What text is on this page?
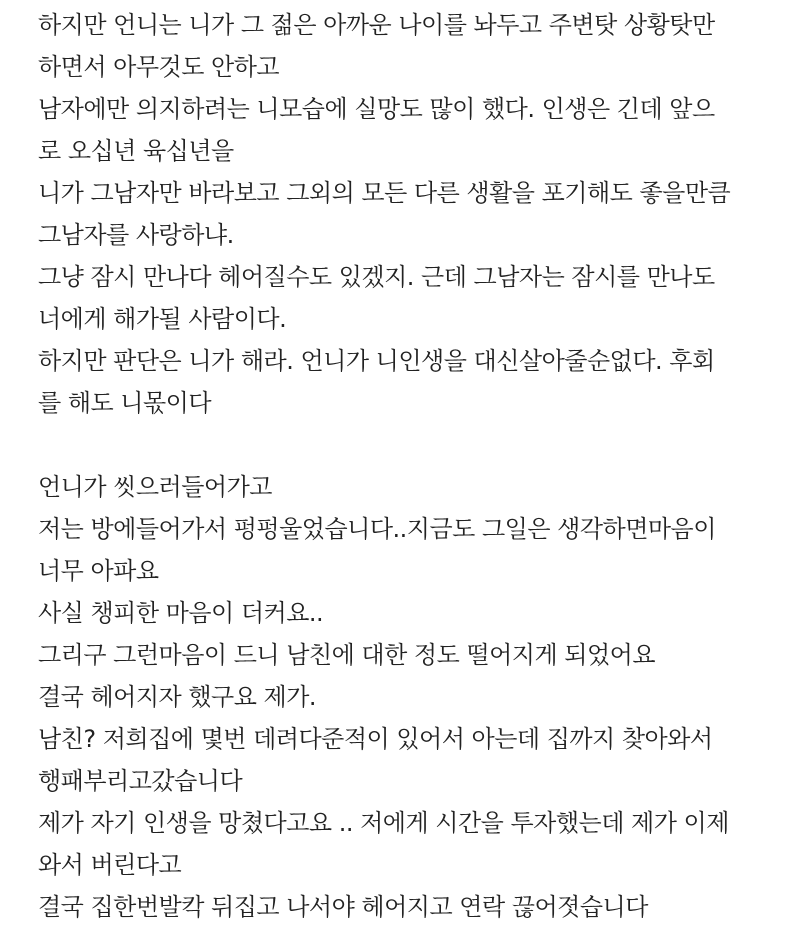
하지만 언니는 니가 그 젊은 아까운 나이를 놔두고 주변탓 상황탓만
하면서 아무것도 안하고
남자에만 의지하려는 니모습에 실망도 많이 했다. 인생은 긴데 앞으
로 오십년 육십년을
니가 그남자만 바라보고 그외의 모든 다른 생활을 포기해도 좋을만큼
그남자를 사랑하냐.
그냥 잠시 만나다 헤어질수도 있겠지. 근데 그남자는 잠시를 만나도
너에게 해가될 사람이다.
하지만 판단은 니가 해라. 언니가 니인생을 대신살아줄순없다. 후회
를 해도 니몫이다
언니가 씻으러들어가고
저는 방에들어가서 펑펑울었습니다..지금도 그일은 생각하면마음이
너무 아파요
사실 챙피한 마음이 더커요..
그리구 그런마음이 드니 남친에 대한 정도 떨어지게 되었어요
결국 헤어지자 했구요 제가.
남친? 저희집에 몇번 데려다준적이 있어서 아는데 집까지 찾아와서
행패부리고갔습니다
제가 자기 인생을 망쳤다고요 .. 저에게 시간을 투자했는데 제가 이제
와서 버린다고
결국 집한번발칵 뒤집고 나서야 헤어지고 연락 끊어졋습니다
